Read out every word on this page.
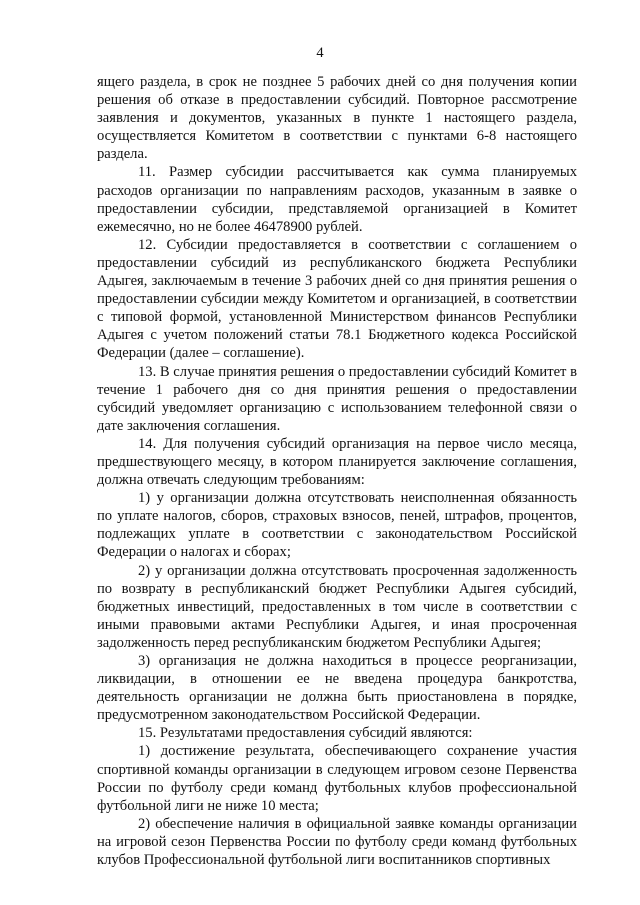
4

ящего раздела, в срок не позднее 5 рабочих дней со дня получения копии решения об отказе в предоставлении субсидий. Повторное рассмотрение заявления и документов, указанных в пункте 1 настоящего раздела, осуществляется Комитетом в соответствии с пунктами 6-8 настоящего раздела.

11. Размер субсидии рассчитывается как сумма планируемых расходов организации по направлениям расходов, указанным в заявке о предоставлении субсидии, представляемой организацией в Комитет ежемесячно, но не более 46478900 рублей.

12. Субсидии предоставляется в соответствии с соглашением о предоставлении субсидий из республиканского бюджета Республики Адыгея, заключаемым в течение 3 рабочих дней со дня принятия решения о предоставлении субсидии между Комитетом и организацией, в соответствии с типовой формой, установленной Министерством финансов Республики Адыгея с учетом положений статьи 78.1 Бюджетного кодекса Российской Федерации (далее – соглашение).

13. В случае принятия решения о предоставлении субсидий Комитет в течение 1 рабочего дня со дня принятия решения о предоставлении субсидий уведомляет организацию с использованием телефонной связи о дате заключения соглашения.

14. Для получения субсидий организация на первое число месяца, предшествующего месяцу, в котором планируется заключение соглашения, должна отвечать следующим требованиям:

1) у организации должна отсутствовать неисполненная обязанность по уплате налогов, сборов, страховых взносов, пеней, штрафов, процентов, подлежащих уплате в соответствии с законодательством Российской Федерации о налогах и сборах;

2) у организации должна отсутствовать просроченная задолженность по возврату в республиканский бюджет Республики Адыгея субсидий, бюджетных инвестиций, предоставленных в том числе в соответствии с иными правовыми актами Республики Адыгея, и иная просроченная задолженность перед республиканским бюджетом Республики Адыгея;

3) организация не должна находиться в процессе реорганизации, ликвидации, в отношении ее не введена процедура банкротства, деятельность организации не должна быть приостановлена в порядке, предусмотренном законодательством Российской Федерации.

15. Результатами предоставления субсидий являются:

1) достижение результата, обеспечивающего сохранение участия спортивной команды организации в следующем игровом сезоне Первенства России по футболу среди команд футбольных клубов профессиональной футбольной лиги не ниже 10 места;

2) обеспечение наличия в официальной заявке команды организации на игровой сезон Первенства России по футболу среди команд футбольных клубов Профессиональной футбольной лиги воспитанников спортивных
